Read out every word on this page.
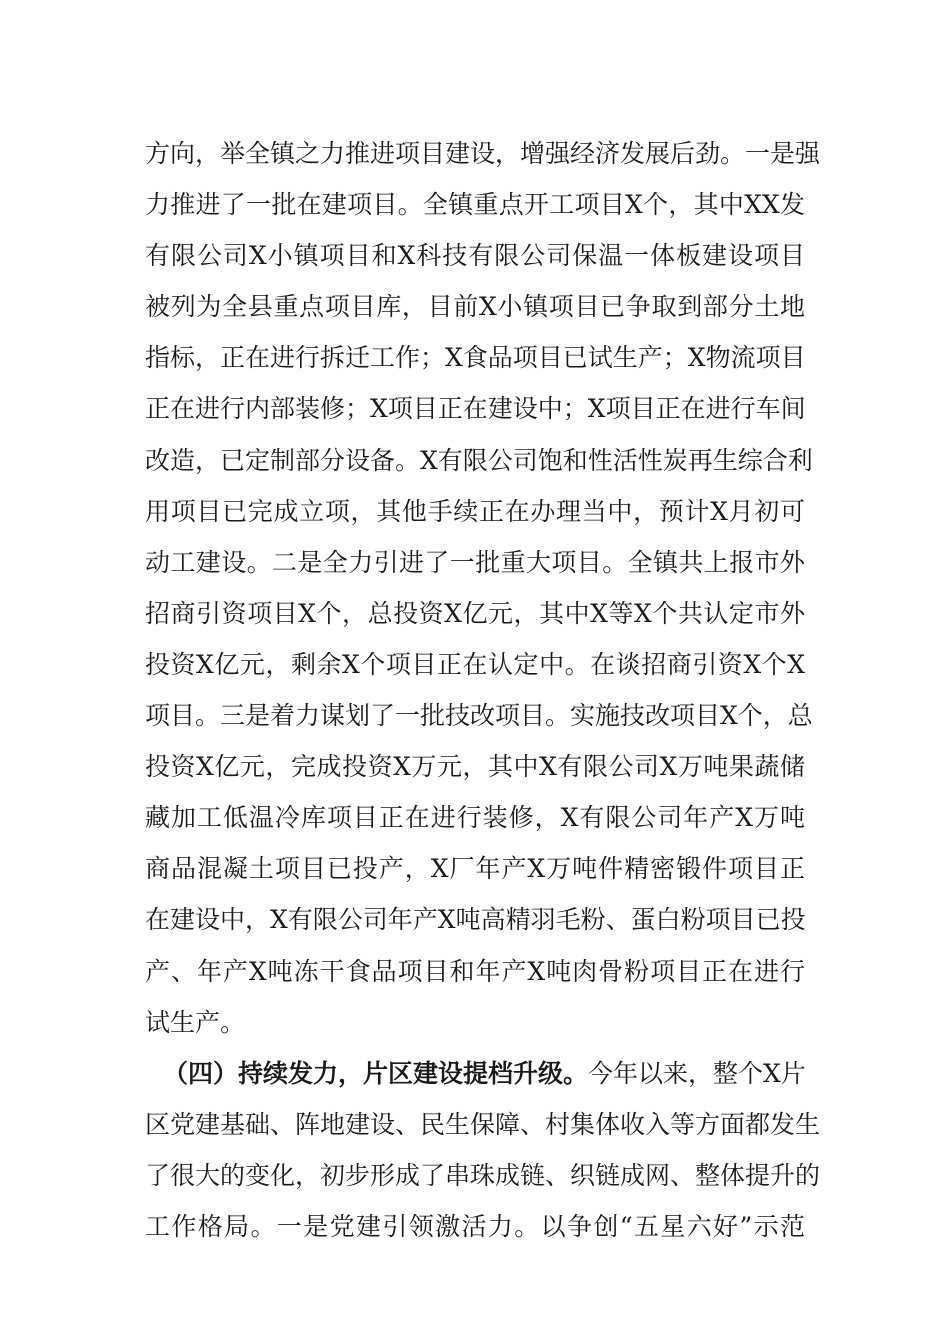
方向，举全镇之力推进项目建设，增强经济发展后劲。一是强
力推进了一批在建项目。全镇重点开工项目X个，其中XX发
有限公司X小镇项目和X科技有限公司保温一体板建设项目
被列为全县重点项目库，目前X小镇项目已争取到部分土地
指标，正在进行拆迁工作；X食品项目已试生产；X物流项目
正在进行内部装修；X项目正在建设中；X项目正在进行车间
改造，已定制部分设备。X有限公司饱和性活性炭再生综合利
用项目已完成立项，其他手续正在办理当中，预计X月初可
动工建设。二是全力引进了一批重大项目。全镇共上报市外
招商引资项目X个，总投资X亿元，其中X等X个共认定市外
投资X亿元，剩余X个项目正在认定中。在谈招商引资X个X
项目。三是着力谋划了一批技改项目。实施技改项目X个，总
投资X亿元，完成投资X万元，其中X有限公司X万吨果蔬储
藏加工低温冷库项目正在进行装修，X有限公司年产X万吨
商品混凝土项目已投产，X厂年产X万吨件精密锻件项目正
在建设中，X有限公司年产X吨高精羽毛粉、蛋白粉项目已投
产、年产X吨冻干食品项目和年产X吨肉骨粉项目正在进行
试生产。
（四）持续发力，片区建设提档升级。今年以来，整个X片
区党建基础、阵地建设、民生保障、村集体收入等方面都发生
了很大的变化，初步形成了串珠成链、织链成网、整体提升的
工作格局。一是党建引领激活力。以争创“五星六好”示范
